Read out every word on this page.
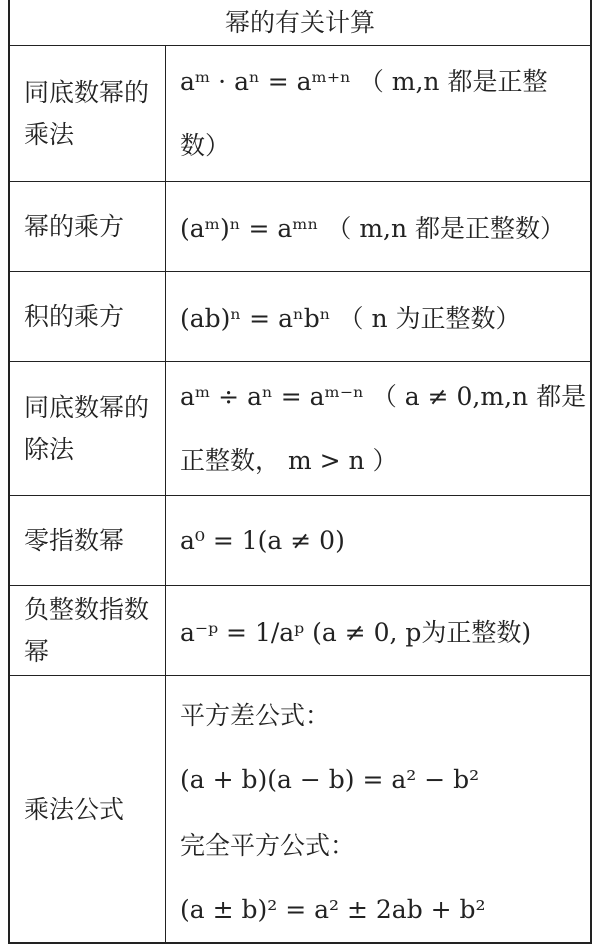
幂的有关计算
同底数幂的乘法
aᵐ · aⁿ = aᵐ⁺ⁿ （ m,n 都是正整
数）
幂的乘方 (aᵐ)ⁿ = aᵐⁿ （ m,n 都是正整数）
积的乘方 (ab)ⁿ = aⁿbⁿ （ n 为正整数）
同底数幂的除法
aᵐ ÷ aⁿ = aᵐ⁻ⁿ （ a ≠ 0,m,n 都是
正整数， m > n ）
零指数幂 a⁰ = 1(a ≠ 0)
负整数指数幂
a⁻ᵖ = 1/aᵖ (a ≠ 0, p为正整数)
乘法公式
平方差公式：
(a + b)(a − b) = a² − b²
完全平方公式：
(a ± b)² = a² ± 2ab + b²
